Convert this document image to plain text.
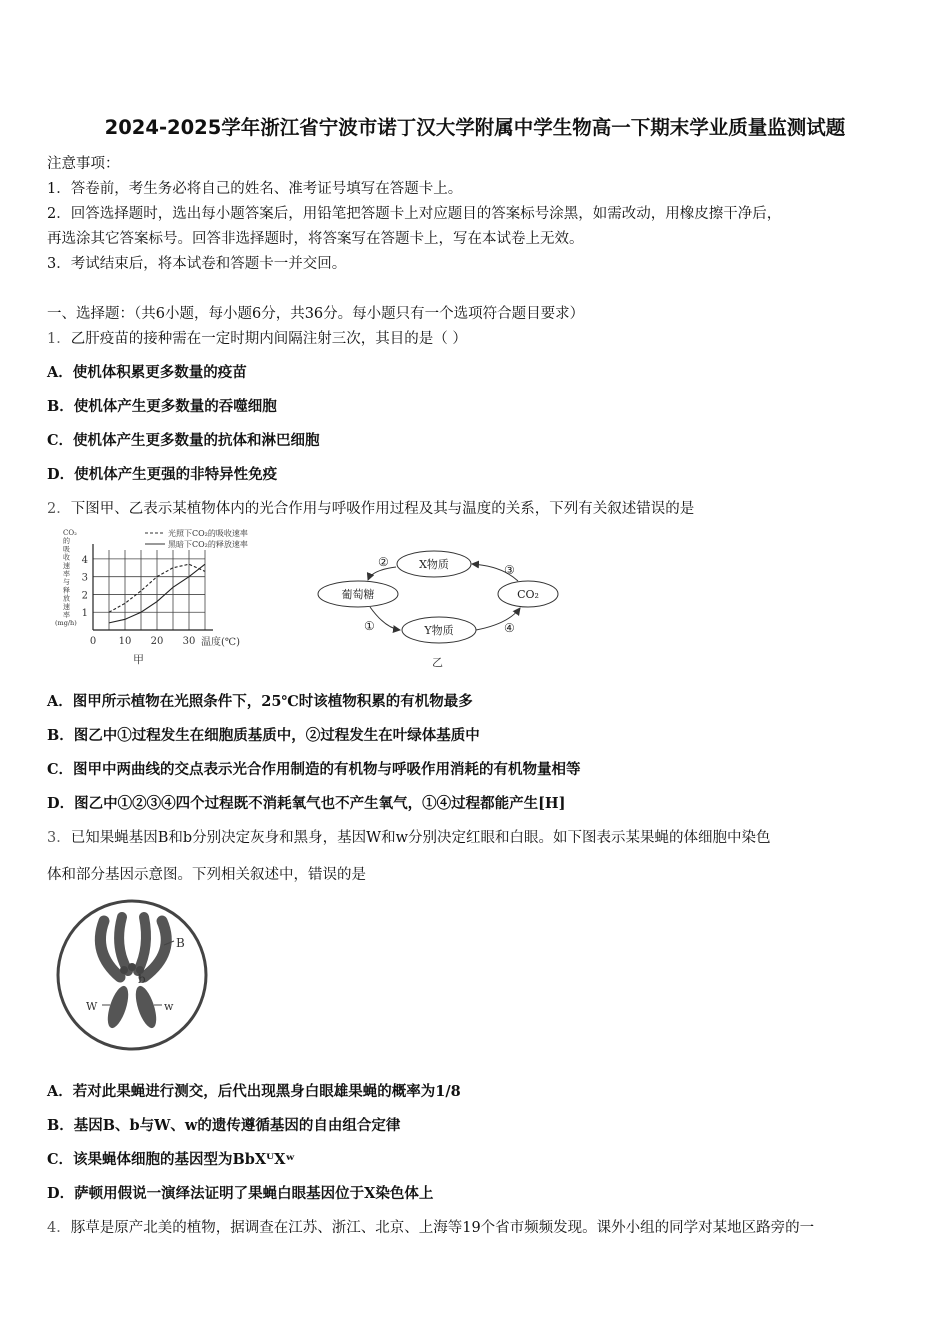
2024-2025学年浙江省宁波市诺丁汉大学附属中学生物高一下期末学业质量监测试题
注意事项：
1．答卷前，考生务必将自己的姓名、准考证号填写在答题卡上。
2．回答选择题时，选出每小题答案后，用铅笔把答题卡上对应题目的答案标号涂黑，如需改动，用橡皮擦干净后，
再选涂其它答案标号。回答非选择题时，将答案写在答题卡上，写在本试卷上无效。
3．考试结束后，将本试卷和答题卡一并交回。
一、选择题：（共6小题，每小题6分，共36分。每小题只有一个选项符合题目要求）
1．乙肝疫苗的接种需在一定时期内间隔注射三次，其目的是（ ）
A．使机体积累更多数量的疫苗
B．使机体产生更多数量的吞噬细胞
C．使机体产生更多数量的抗体和淋巴细胞
D．使机体产生更强的非特异性免疫
2．下图甲、乙表示某植物体内的光合作用与呼吸作用过程及其与温度的关系，下列有关叙述错误的是
CO₂
的
吸
收
速
率
与
释
放
速
率
(mg/h)
0 10 20 30
1
2
3
4
光照下CO₂的吸收速率
黑暗下CO₂的释放速率
温度(℃)
甲
X物质
葡萄糖	CO₂
Y物质
②
①
③
④
乙
A．图甲所示植物在光照条件下，25℃时该植物积累的有机物最多
B．图乙中①过程发生在细胞质基质中，②过程发生在叶绿体基质中
C．图甲中两曲线的交点表示光合作用制造的有机物与呼吸作用消耗的有机物量相等
D．图乙中①②③④四个过程既不消耗氧气也不产生氧气，①④过程都能产生[H]
3．已知果蝇基因B和b分别决定灰身和黑身，基因W和w分别决定红眼和白眼。如下图表示某果蝇的体细胞中染色
体和部分基因示意图。下列相关叙述中，错误的是
B
b
W	w
A．若对此果蝇进行测交，后代出现黑身白眼雄果蝇的概率为1/8
B．基因B、b与W、w的遗传遵循基因的自由组合定律
C．该果蝇体细胞的基因型为BbXᵂXʷ
D．萨顿用假说一演绎法证明了果蝇白眼基因位于X染色体上
4．豚草是原产北美的植物，据调查在江苏、浙江、北京、上海等19个省市频频发现。课外小组的同学对某地区路旁的一
